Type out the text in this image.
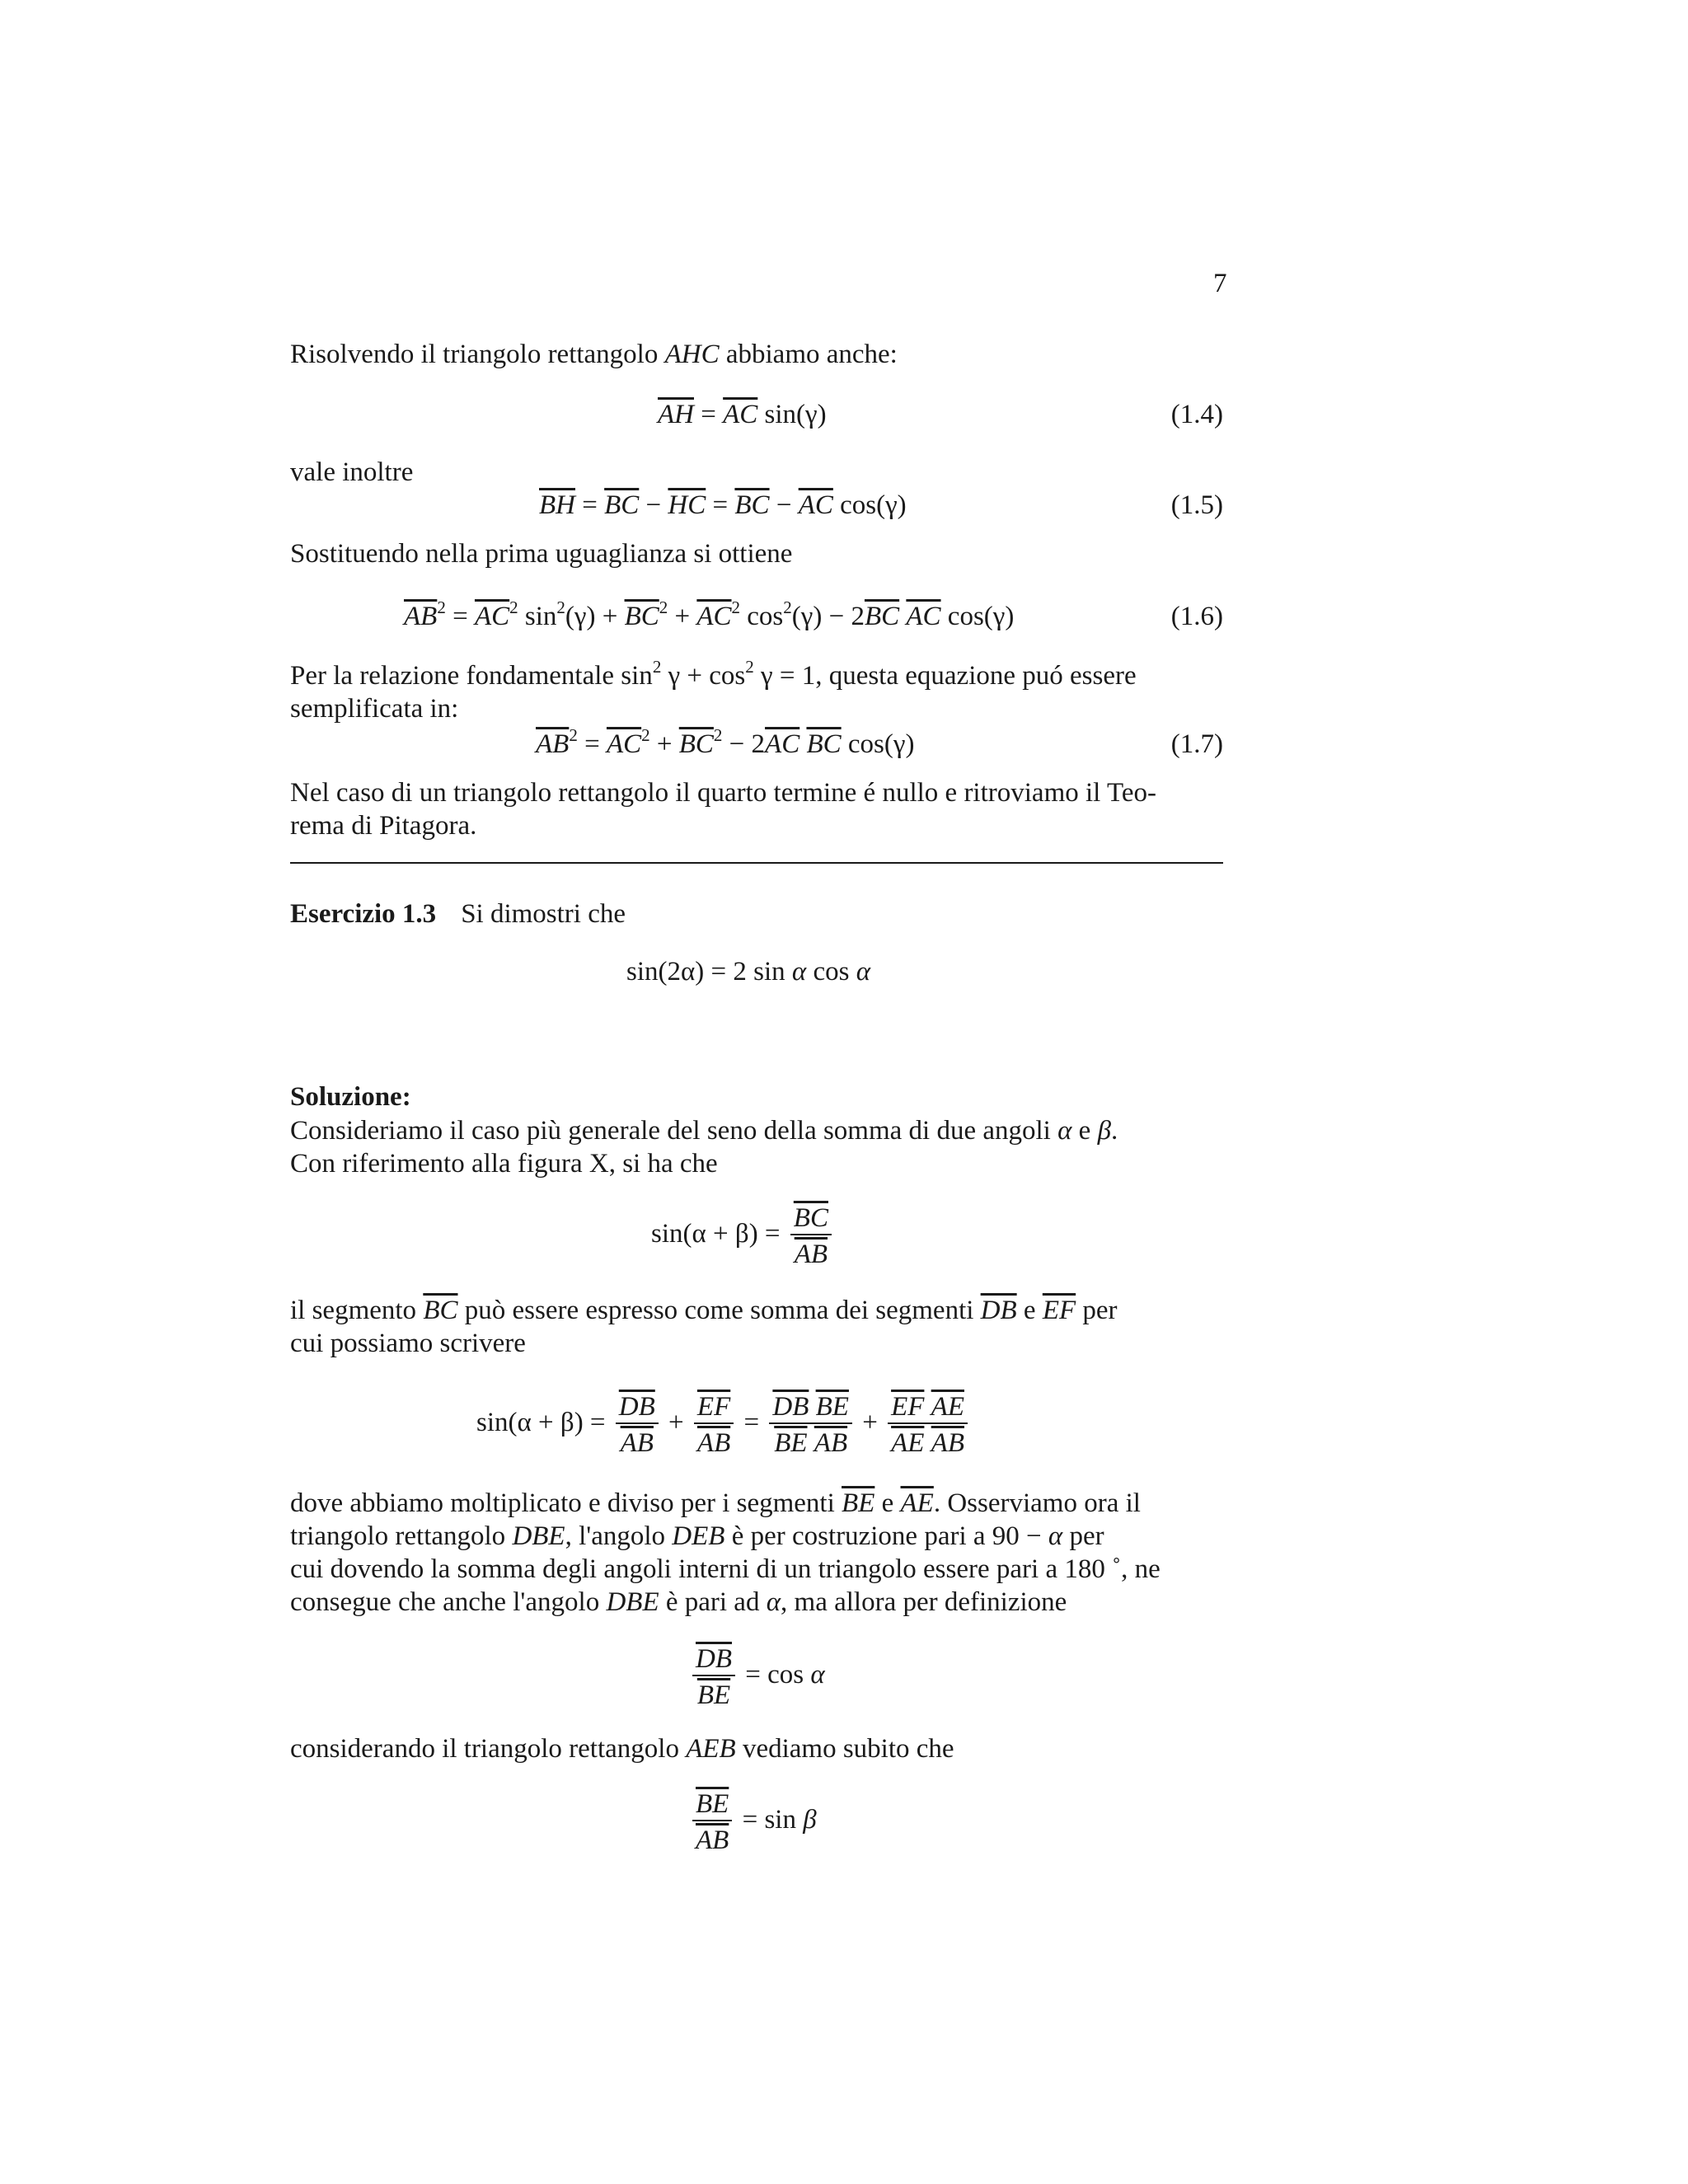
7
Risolvendo il triangolo rettangolo AHC abbiamo anche:
$\overline{AH} = \overline{AC}$ sin(γ)	(1.4)
vale inoltre
$\overline{BH} = \overline{BC} - \overline{HC} = \overline{BC} - \overline{AC}$ cos(γ)	(1.5)
Sostituendo nella prima uguaglianza si ottiene
$\overline{AB}^2 = \overline{AC}^2$ $\sin^2(\gamma) + \overline{BC}^2 + \overline{AC}^2$ $\cos^2(\gamma) - 2\overline{BC}$ $\overline{AC}$ cos(γ)	(1.6)
Per la relazione fondamentale $\sin^2 \gamma + \cos^2 \gamma = 1$, questa equazione puó essere
semplificata in:
$\overline{AB}^2 = \overline{AC}^2 + \overline{BC}^2 - 2\overline{AC}$ $\overline{BC}$ cos(γ)	(1.7)
Nel caso di un triangolo rettangolo il quarto termine é nullo e ritroviamo il Teo-
rema di Pitagora.
Esercizio 1.3 Si dimostri che
sin(2α) = 2 sin α cos α
Soluzione:
Consideriamo il caso più generale del seno della somma di due angoli α e β.
Con riferimento alla figura X, si ha che
$\sin(\alpha + \beta) = \frac{\overline{BC}}{AB}$
il segmento $\overline{BC}$ può essere espresso come somma dei segmenti $\overline{DB}$ e $\overline{EF}$ per
cui possiamo scrivere
$\sin(\alpha + \beta) = \frac{\overline{DB}}{AB} + \frac{\overline{EF}}{AB} = \frac{\overline{DB} \overline{BE}}{\overline{BE} \overline{AB}} + \frac{\overline{EF} \overline{AE}}{\overline{AE} \overline{AB}}$
dove abbiamo moltiplicato e diviso per i segmenti $\overline{BE}$ e $\overline{AE}$. Osserviamo ora il
triangolo rettangolo DBE, l'angolo DEB è per costruzione pari a 90 − α per
cui dovendo la somma degli angoli interni di un triangolo essere pari a 180 ˚, ne
consegue che anche l'angolo DBE è pari ad α, ma allora per definizione
$\frac{\overline{DB}}{BE} = \cos \alpha$
considerando il triangolo rettangolo AEB vediamo subito che
$\frac{\overline{BE}}{AB} = \sin \beta$
